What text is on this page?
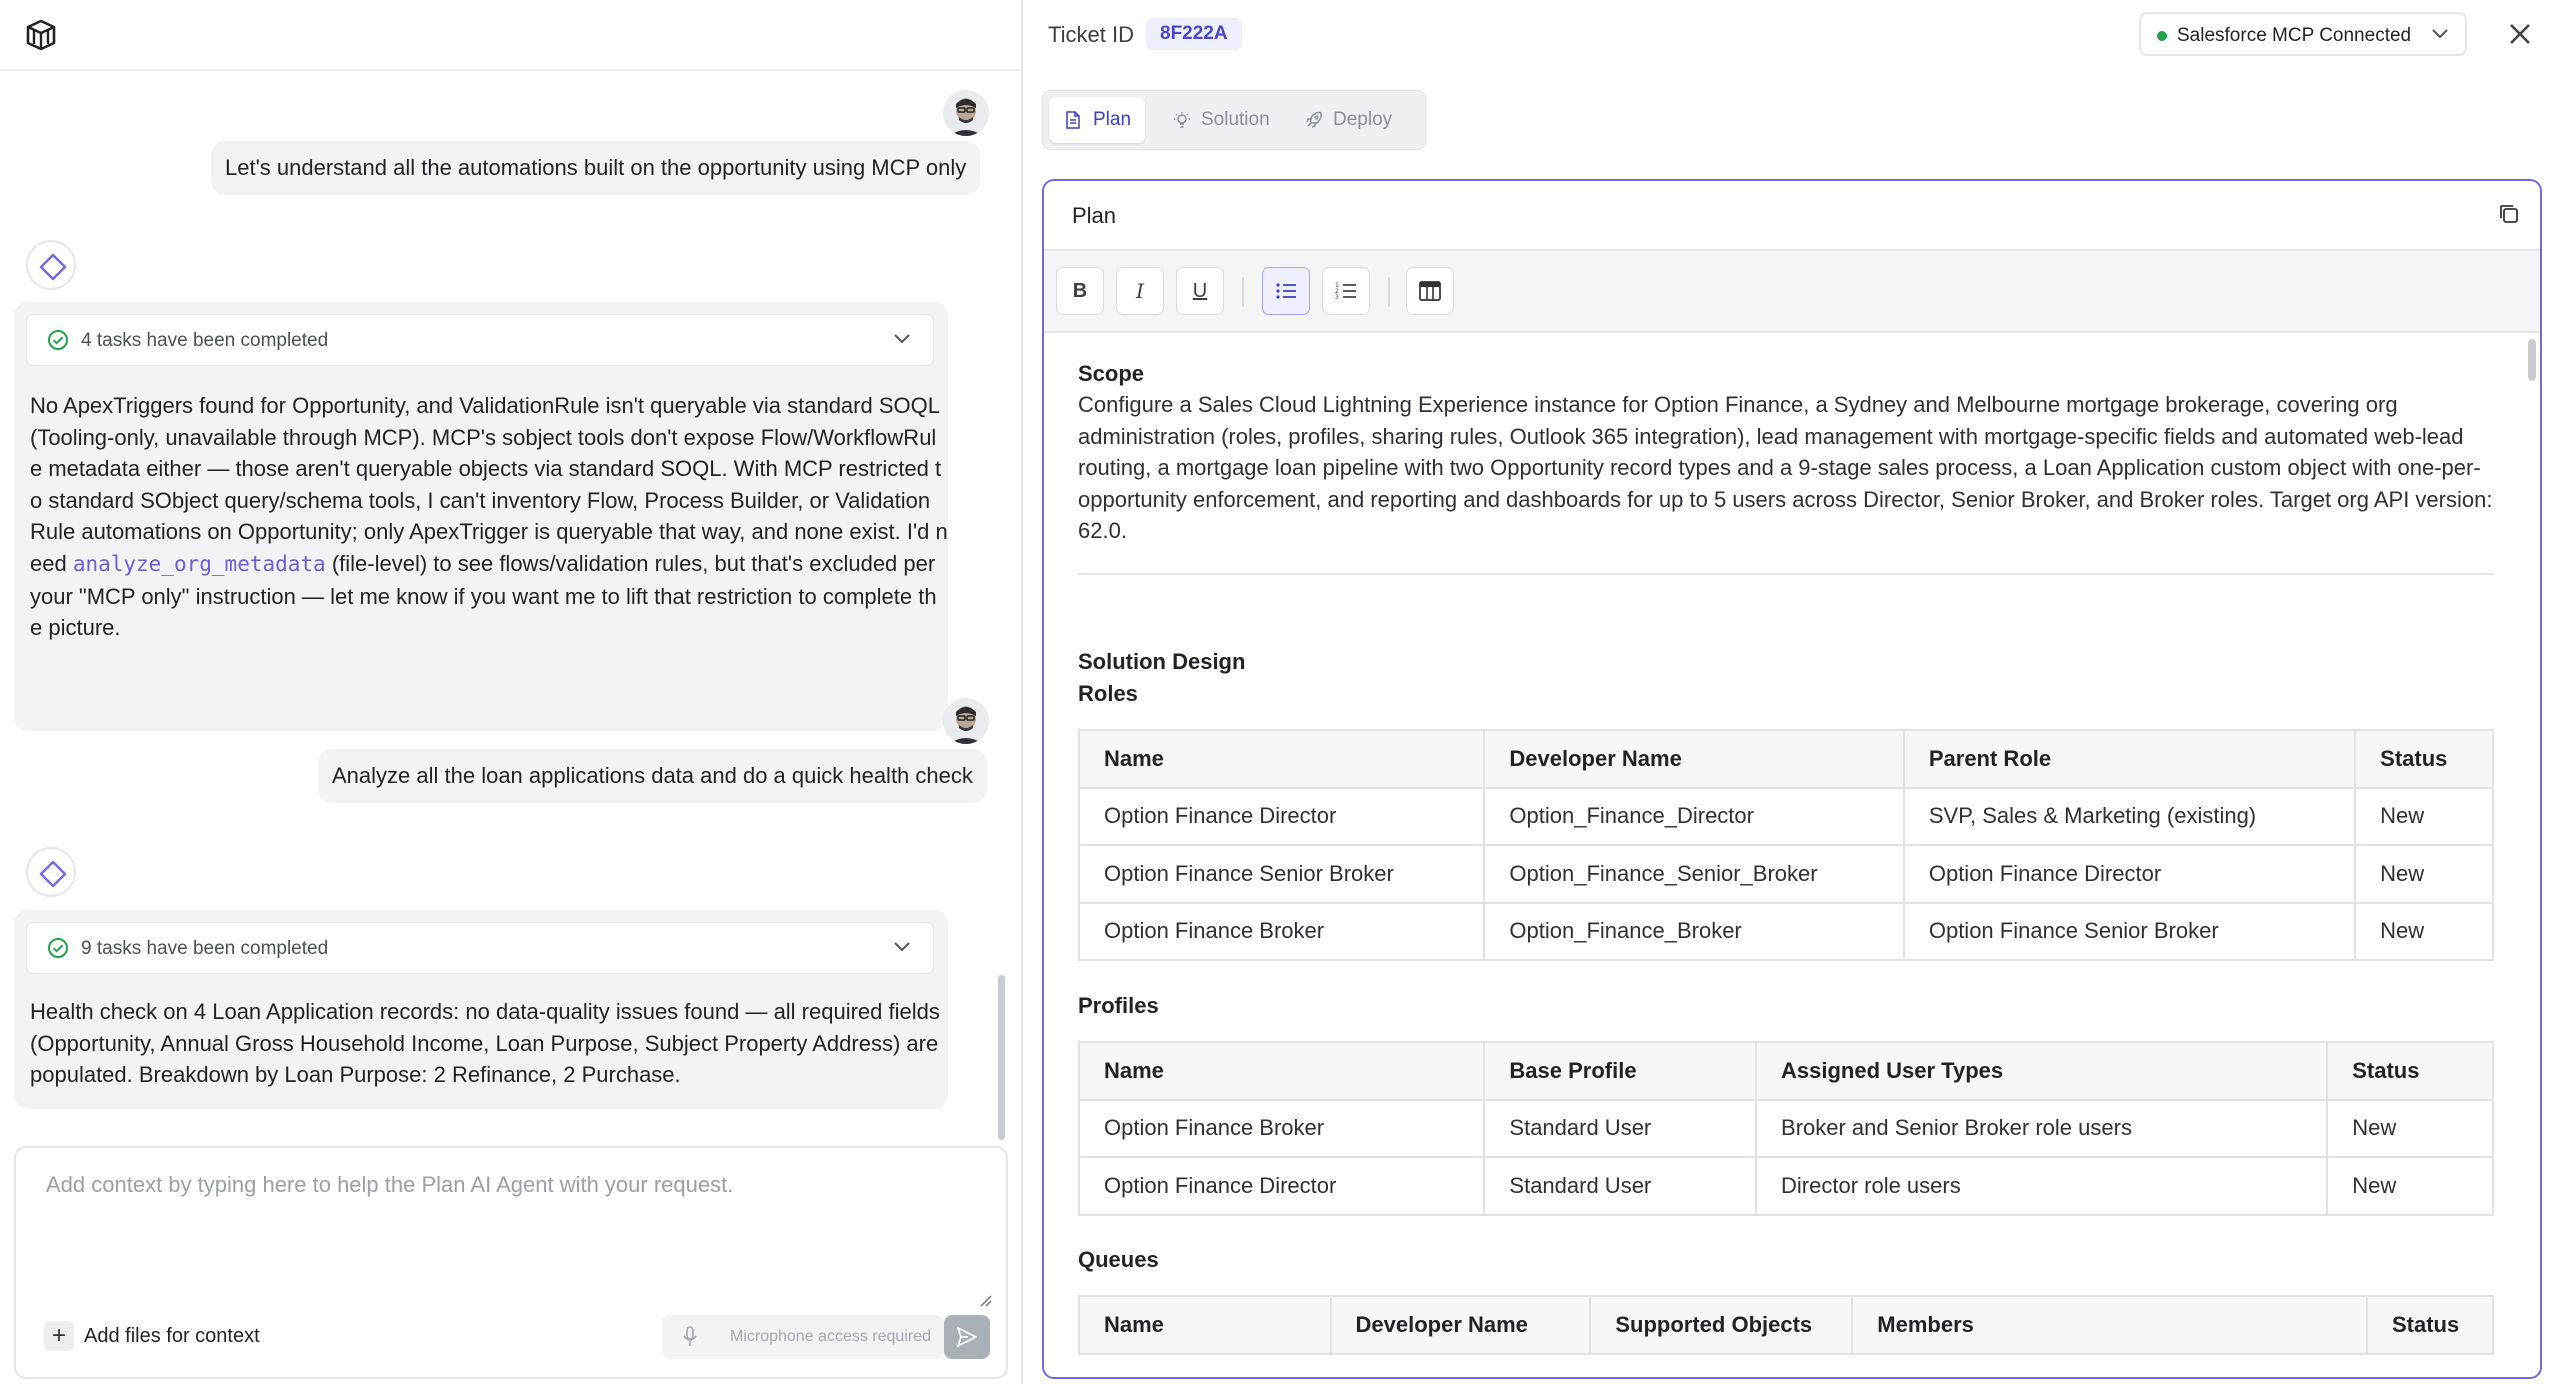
Let's understand all the automations built on the opportunity using MCP only
4 tasks have been completed
No ApexTriggers found for Opportunity, and ValidationRule isn't queryable via standard SOQL (Tooling-only, unavailable through MCP). MCP's sobject tools don't expose Flow/WorkflowRule metadata either — those aren't queryable objects via standard SOQL. With MCP restricted to standard SObject query/schema tools, I can't inventory Flow, Process Builder, or Validation Rule automations on Opportunity; only ApexTrigger is queryable that way, and none exist. I'd need analyze_org_metadata (file-level) to see flows/validation rules, but that's excluded per your "MCP only" instruction — let me know if you want me to lift that restriction to complete the picture.
Analyze all the loan applications data and do a quick health check
9 tasks have been completed
Health check on 4 Loan Application records: no data-quality issues found — all required fields (Opportunity, Annual Gross Household Income, Loan Purpose, Subject Property Address) are populated. Breakdown by Loan Purpose: 2 Refinance, 2 Purchase.
Add context by typing here to help the Plan AI Agent with your request.
+ Add files for context	Microphone access required
Ticket ID	8F222A	Salesforce MCP Connected
Plan	Solution	Deploy
Plan
B	I	U	1
2
3
Scope
Configure a Sales Cloud Lightning Experience instance for Option Finance, a Sydney and Melbourne mortgage brokerage, covering org administration (roles, profiles, sharing rules, Outlook 365 integration), lead management with mortgage-specific fields and automated web-lead routing, a mortgage loan pipeline with two Opportunity record types and a 9-stage sales process, a Loan Application custom object with one-per-opportunity enforcement, and reporting and dashboards for up to 5 users across Director, Senior Broker, and Broker roles. Target org API version: 62.0.
Solution Design
Roles
Name	Developer Name	Parent Role	Status
Option Finance Director	Option_Finance_Director	SVP, Sales & Marketing (existing)	New
Option Finance Senior Broker	Option_Finance_Senior_Broker	Option Finance Director	New
Option Finance Broker	Option_Finance_Broker	Option Finance Senior Broker	New
Profiles
Name	Base Profile	Assigned User Types	Status
Option Finance Broker	Standard User	Broker and Senior Broker role users	New
Option Finance Director	Standard User	Director role users	New
Queues
Name	Developer Name	Supported Objects	Members	Status
